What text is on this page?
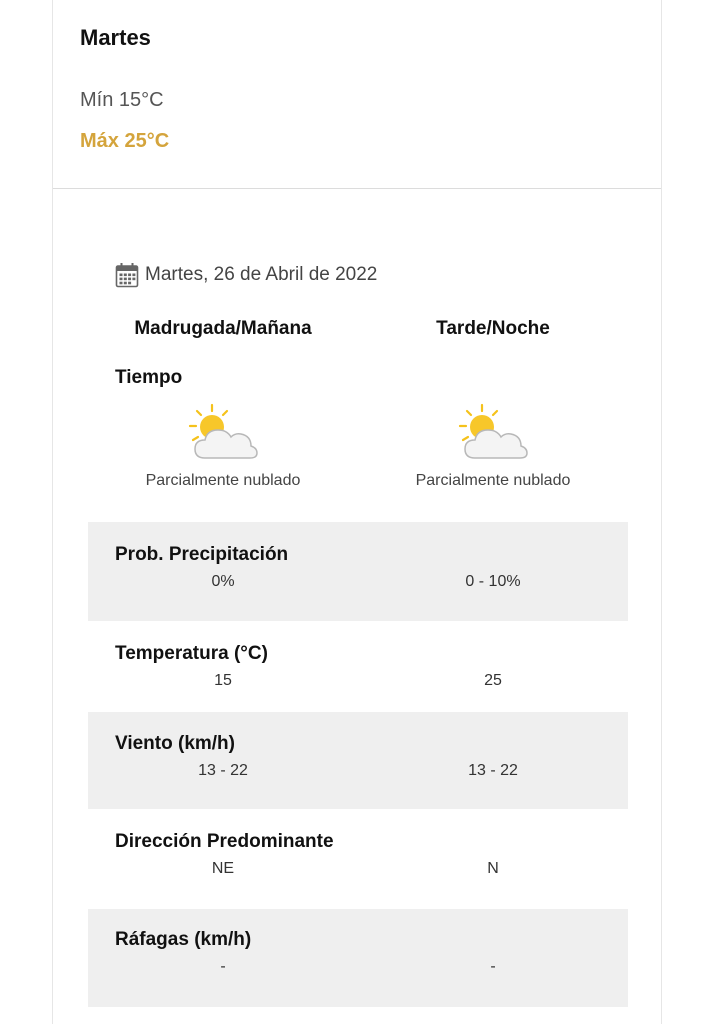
Martes
Mín 15°C
Máx 25°C
Martes, 26 de Abril de 2022
Madrugada/Mañana	Tarde/Noche
Tiempo
Parcialmente nublado	Parcialmente nublado
Prob. Precipitación
0%	0 - 10%
Temperatura (°C)
15	25
Viento (km/h)
13 - 22	13 - 22
Dirección Predominante
NE	N
Ráfagas (km/h)
-	-
